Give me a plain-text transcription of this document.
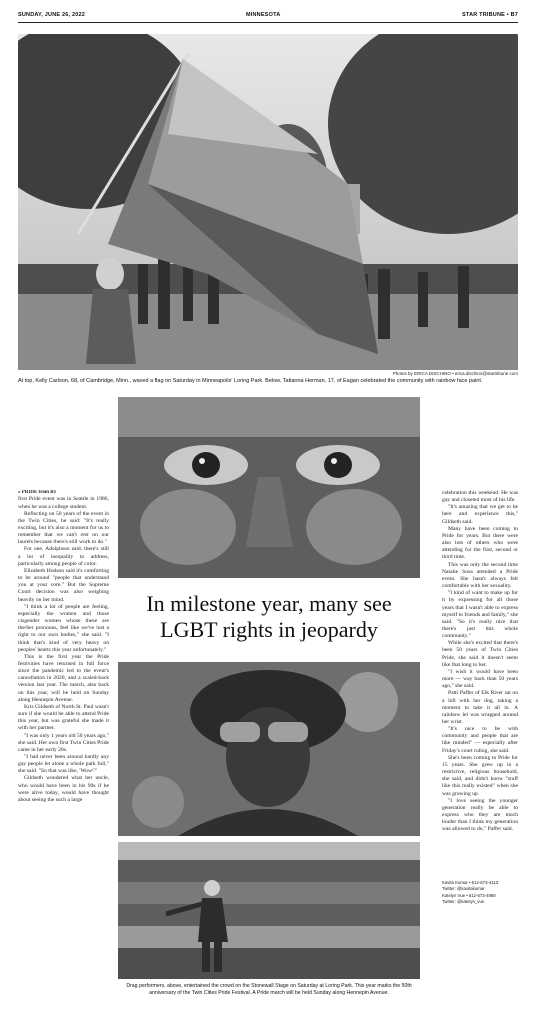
SUNDAY, JUNE 26, 2022	MINNESOTA	STAR TRIBUNE • B7
Photos by ERICA DISCHINO • erica.dischino@startribune.com
At top, Kelly Carlson, 68, of Cambridge, Minn., waved a flag on Saturday in Minneapolis' Loring Park. Below, Tatianna Herman, 17, of Eagan celebrated the community with rainbow face paint.

« PRIDE from B1

first Pride event was in Seattle in 1986, when he was a college student.

Reflecting on 50 years of the event in the Twin Cities, he said: "It's really exciting, but it's also a moment for us to remember that we can't rest on our laurels because there's still work to do."

For one, Adolphson said, there's still a lot of inequality to address, particularly among people of color.

Elizabeth Hodson said it's comforting to be around "people that understand you at your core." But the Supreme Court decision was also weighing heavily on her mind.

"I think a lot of people are feeling, especially the women and those cisgender women whose these are the/her pronouns, feel like we've lost a right to our own bodies," she said. "I think that's kind of very heavy on peoples' hearts this year unfortunately."

This is the first year the Pride festivities have returned in full force since the pandemic led to the event's cancellation in 2020, and a scaled-back version last year. The march, also back on this year, will be held on Sunday along Hennepin Avenue.

Kris Gildseth of North St. Paul wasn't sure if she would be able to attend Pride this year, but was grateful she made it with her partner.

"I was only 1 years old 50 years ago," she said. Her own first Twin Cities Pride came in her early 20s.

"I had never been around hardly any gay people let alone a whole park full," she said. "So that was like, 'Wow!'"

Gildseth wondered what her uncle, who would have been in his 90s if he were alive today, would have thought about seeing the such a large

In milestone year, many see LGBT rights in jeopardy

celebration this weekend. He was gay and closeted most of his life.

"It's amazing that we get to be here and experience this," Gildseth said.

Many have been coming to Pride for years. But there were also lots of others who were attending for the first, second or third time.

This was only the second time Natalie Sosa attended a Pride event. She hasn't always felt comfortable with her sexuality.

"I kind of want to make up for it by expressing for all those years that I wasn't able to express myself to friends and family," she said. "So it's really nice that there's just this whole community."

While she's excited that there's been 50 years of Twin Cities Pride, she said it doesn't seem like that long to her.

"I wish it would have been more — way back than 50 years ago," she said.

Patti Paffer of Elk River sat on a hill with her dog, taking a moment to take it all in. A rainbow lei was wrapped around her wrist.

"It's nice to be with community and people that are like minded" — especially after Friday's court ruling, she said.

She's been coming to Pride for 15 years. She grew up in a restrictive, religious household, she said, and didn't know "stuff like this really existed" when she was growing up.

"I love seeing the younger generation really be able to express who they are much louder than I think my generation was allowed to do," Paffer said.

Kavita Kumar • 612-673-4113
Twitter: @kavitakumar
Katelyn Vue • 612-673-4988
Twitter: @katelyn_vue
Drag performers, above, entertained the crowd on the Stonewall Stage on Saturday at Loring Park. This year marks the 50th anniversary of the Twin Cities Pride Festival. A Pride march will be held Sunday along Hennepin Avenue.
